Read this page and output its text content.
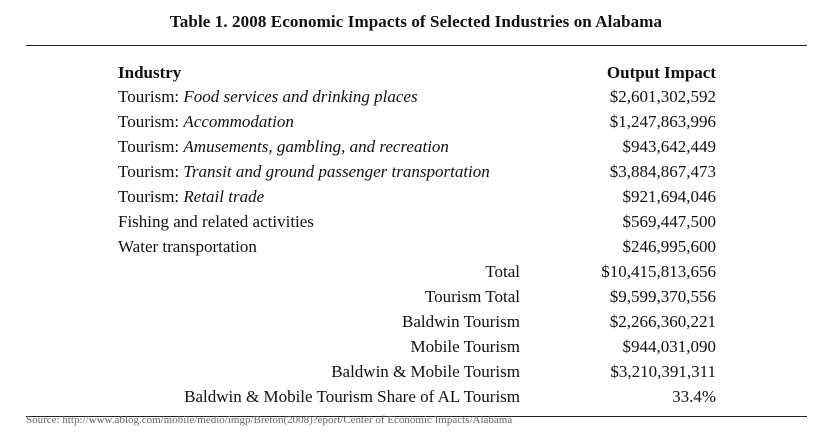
Table 1. 2008 Economic Impacts of Selected Industries on Alabama
Industry	Output Impact
Tourism: Food services and drinking places	$2,601,302,592
Tourism: Accommodation	$1,247,863,996
Tourism: Amusements, gambling, and recreation	$943,642,449
Tourism: Transit and ground passenger transportation	$3,884,867,473
Tourism: Retail trade	$921,694,046
Fishing and related activities	$569,447,500
Water transportation	$246,995,600
Total	$10,415,813,656
Tourism Total	$9,599,370,556
Baldwin Tourism	$2,266,360,221
Mobile Tourism	$944,031,090
Baldwin & Mobile Tourism	$3,210,391,311
Baldwin & Mobile Tourism Share of AL Tourism	33.4%
Source: http://www.ablog.com/mobile/medio/imgp/Breton(2008)?eport/Center of Economic Impacts/Alabama
